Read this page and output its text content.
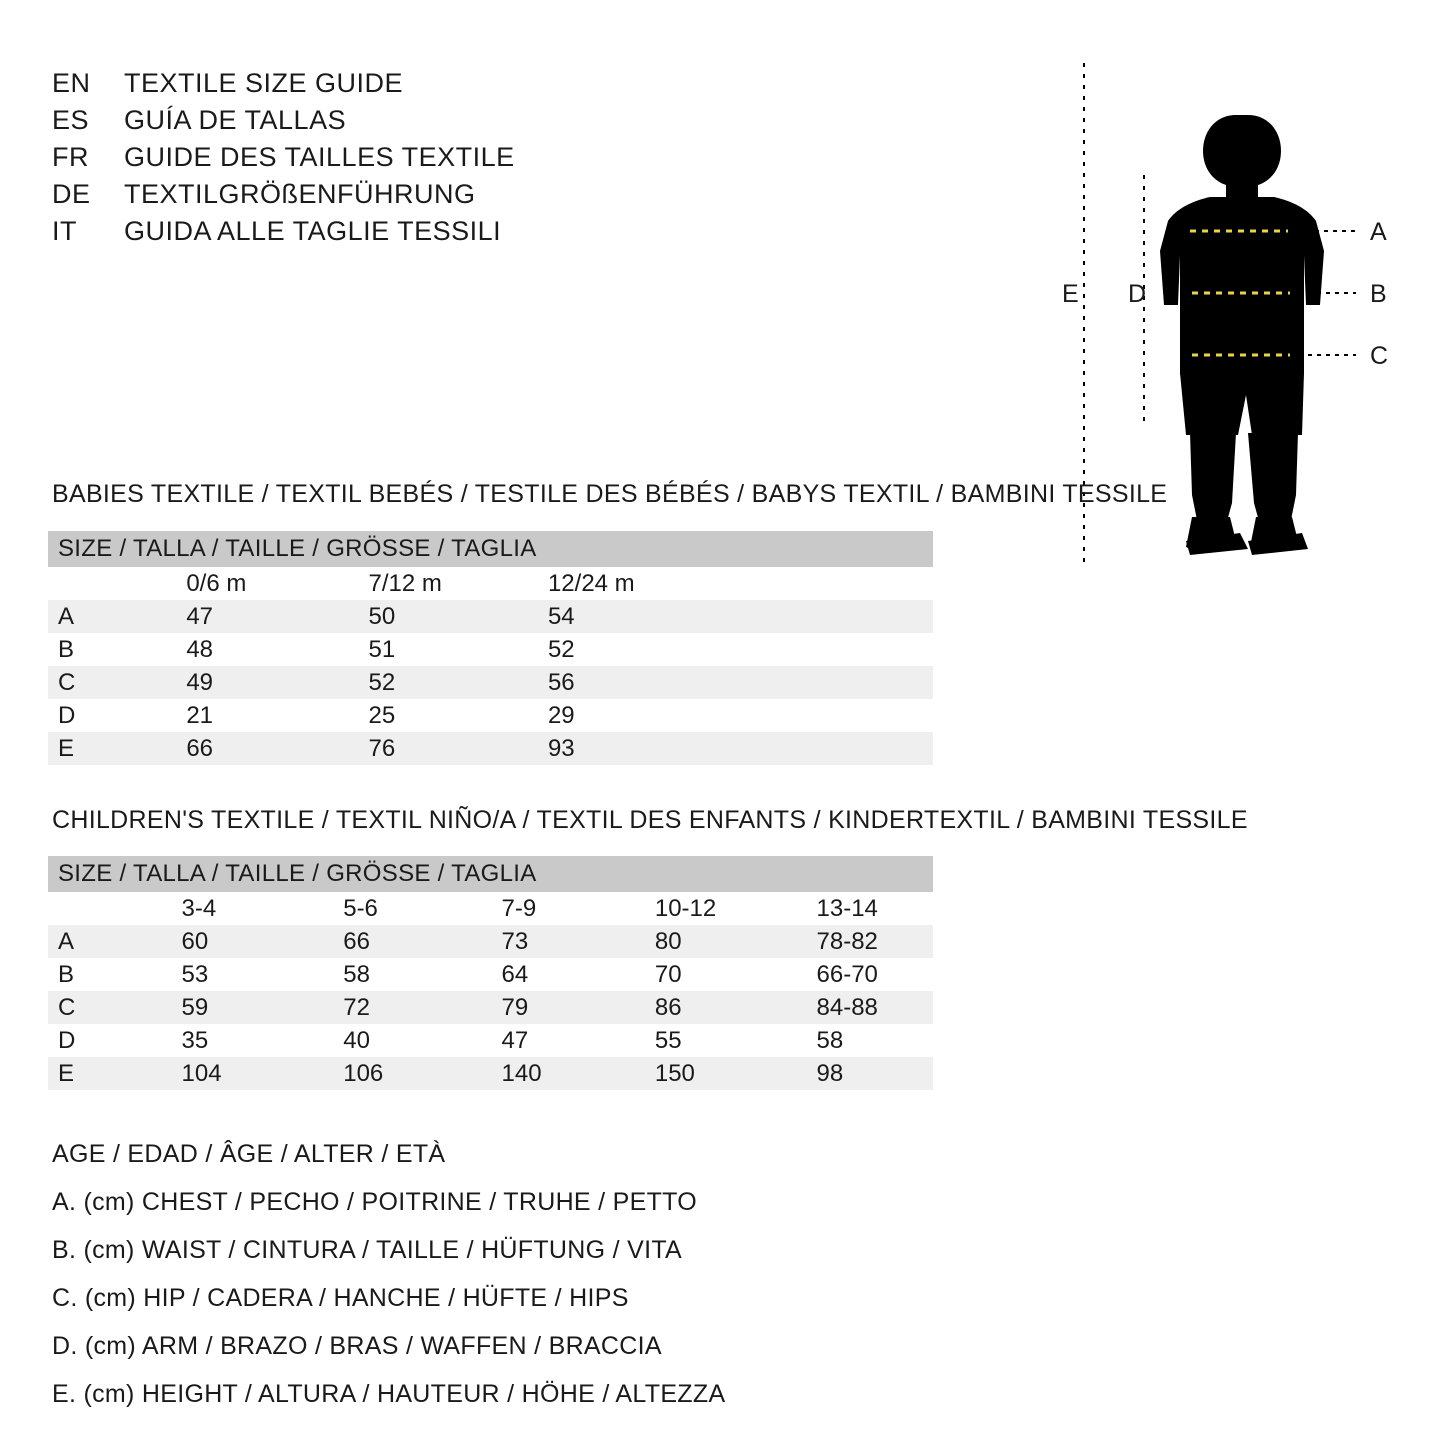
EN	TEXTILE SIZE GUIDE
ES	GUÍA DE TALLAS
FR	GUIDE DES TAILLES TEXTILE
DE	TEXTILGRÖßENFÜHRUNG
IT	GUIDA ALLE TAGLIE TESSILI	A
B
C
D
E
BABIES TEXTILE / TEXTIL BEBÉS / TESTILE DES BÉBÉS / BABYS TEXTIL / BAMBINI TESSILE
SIZE / TALLA / TAILLE / GRÖSSE / TAGLIA				
	0/6 m	7/12 m	12/24 m	
A	47	50	54	
B	48	51	52	
C	49	52	56	
D	21	25	29	
E	66	76	93	
CHILDREN'S TEXTILE / TEXTIL NIÑO/A / TEXTIL DES ENFANTS / KINDERTEXTIL / BAMBINI TESSILE
SIZE / TALLA / TAILLE / GRÖSSE / TAGLIA					
	3-4	5-6	7-9	10-12	13-14
A	60	66	73	80	78-82
B	53	58	64	70	66-70
C	59	72	79	86	84-88
D	35	40	47	55	58
E	104	106	140	150	98
AGE / EDAD / ÂGE / ALTER / ETÀ
A. (cm) CHEST / PECHO / POITRINE / TRUHE / PETTO
B. (cm) WAIST / CINTURA / TAILLE / HÜFTUNG / VITA
C. (cm) HIP / CADERA / HANCHE / HÜFTE / HIPS
D. (cm) ARM / BRAZO / BRAS / WAFFEN / BRACCIA
E. (cm) HEIGHT / ALTURA / HAUTEUR / HÖHE / ALTEZZA
